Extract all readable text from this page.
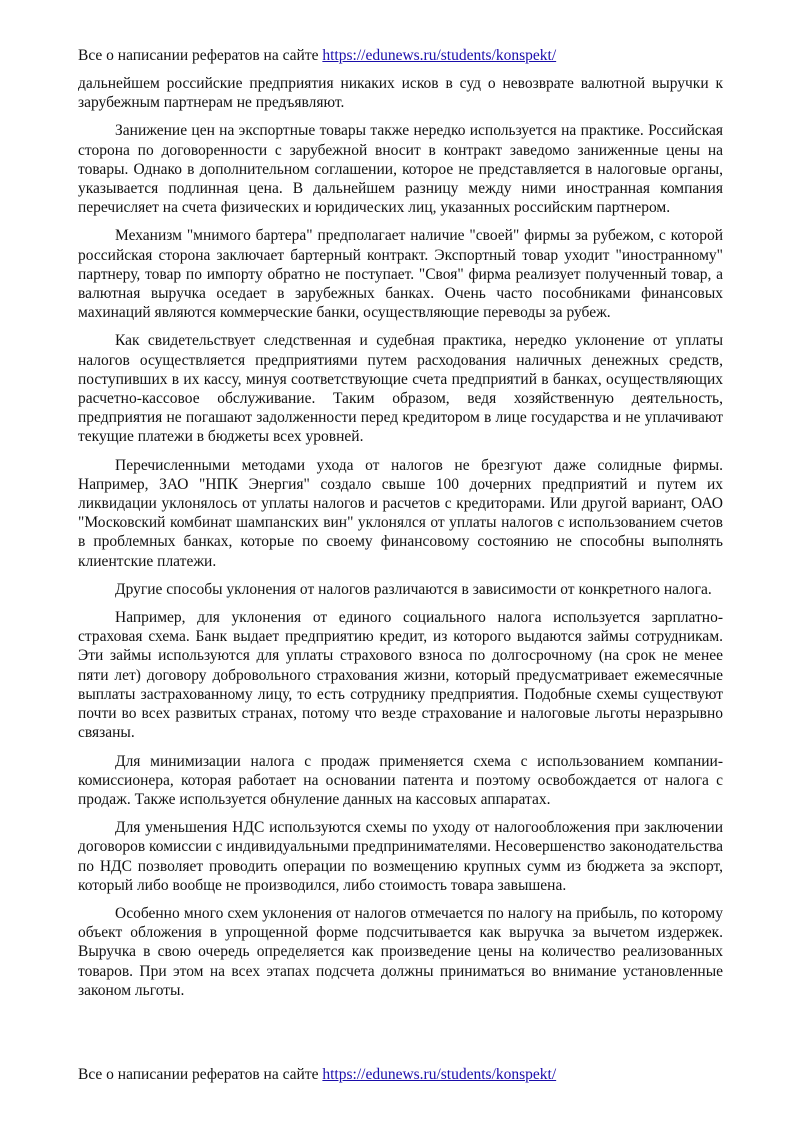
Все о написании рефератов на сайте https://edunews.ru/students/konspekt/

дальнейшем российские предприятия никаких исков в суд о невозврате валютной выручки к зарубежным партнерам не предъявляют.

Занижение цен на экспортные товары также нередко используется на практике. Российская сторона по договоренности с зарубежной вносит в контракт заведомо заниженные цены на товары. Однако в дополнительном соглашении, которое не представляется в налоговые органы, указывается подлинная цена. В дальнейшем разницу между ними иностранная компания перечисляет на счета физических и юридических лиц, указанных российским партнером.

Механизм "мнимого бартера" предполагает наличие "своей" фирмы за рубежом, с которой российская сторона заключает бартерный контракт. Экспортный товар уходит "иностранному" партнеру, товар по импорту обратно не поступает. "Своя" фирма реализует полученный товар, а валютная выручка оседает в зарубежных банках. Очень часто пособниками финансовых махинаций являются коммерческие банки, осуществляющие переводы за рубеж.

Как свидетельствует следственная и судебная практика, нередко уклонение от уплаты налогов осуществляется предприятиями путем расходования наличных денежных средств, поступивших в их кассу, минуя соответствующие счета предприятий в банках, осуществляющих расчетно-кассовое обслуживание. Таким образом, ведя хозяйственную деятельность, предприятия не погашают задолженности перед кредитором в лице государства и не уплачивают текущие платежи в бюджеты всех уровней.

Перечисленными методами ухода от налогов не брезгуют даже солидные фирмы. Например, ЗАО "НПК Энергия" создало свыше 100 дочерних предприятий и путем их ликвидации уклонялось от уплаты налогов и расчетов с кредиторами. Или другой вариант, ОАО "Московский комбинат шампанских вин" уклонялся от уплаты налогов с использованием счетов в проблемных банках, которые по своему финансовому состоянию не способны выполнять клиентские платежи.

Другие способы уклонения от налогов различаются в зависимости от конкретного налога.

Например, для уклонения от единого социального налога используется зарплатно-страховая схема. Банк выдает предприятию кредит, из которого выдаются займы сотрудникам. Эти займы используются для уплаты страхового взноса по долгосрочному (на срок не менее пяти лет) договору добровольного страхования жизни, который предусматривает ежемесячные выплаты застрахованному лицу, то есть сотруднику предприятия. Подобные схемы существуют почти во всех развитых странах, потому что везде страхование и налоговые льготы неразрывно связаны.

Для минимизации налога с продаж применяется схема с использованием компании-комиссионера, которая работает на основании патента и поэтому освобождается от налога с продаж. Также используется обнуление данных на кассовых аппаратах.

Для уменьшения НДС используются схемы по уходу от налогообложения при заключении договоров комиссии с индивидуальными предпринимателями. Несовершенство законодательства по НДС позволяет проводить операции по возмещению крупных сумм из бюджета за экспорт, который либо вообще не производился, либо стоимость товара завышена.

Особенно много схем уклонения от налогов отмечается по налогу на прибыль, по которому объект обложения в упрощенной форме подсчитывается как выручка за вычетом издержек. Выручка в свою очередь определяется как произведение цены на количество реализованных товаров. При этом на всех этапах подсчета должны приниматься во внимание установленные законом льготы.

Все о написании рефератов на сайте https://edunews.ru/students/konspekt/
